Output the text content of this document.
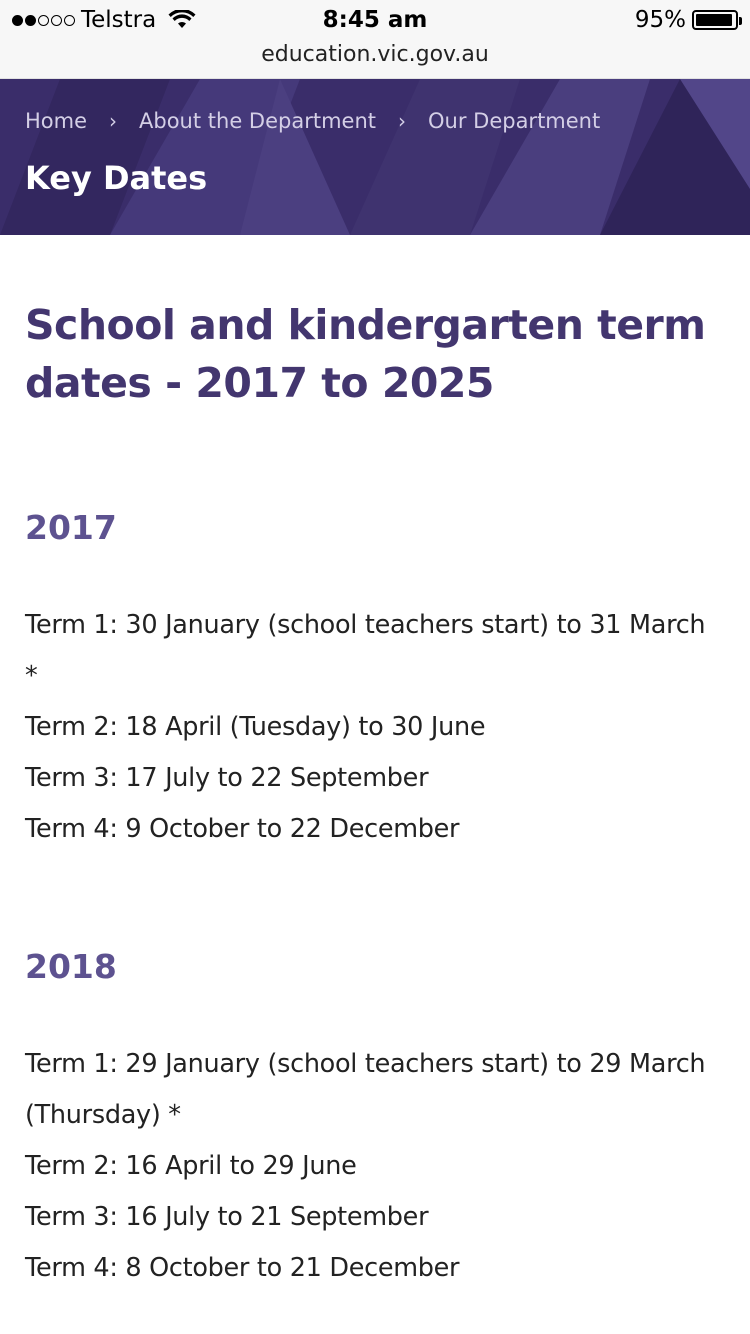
Telstra	8:45 am	95%
education.vic.gov.au
Home › About the Department › Our Department
Key Dates
School and kindergarten term dates - 2017 to 2025
2017
Term 1: 30 January (school teachers start) to 31 March *
Term 2: 18 April (Tuesday) to 30 June
Term 3: 17 July to 22 September
Term 4: 9 October to 22 December
2018
Term 1: 29 January (school teachers start) to 29 March (Thursday) *
Term 2: 16 April to 29 June
Term 3: 16 July to 21 September
Term 4: 8 October to 21 December
